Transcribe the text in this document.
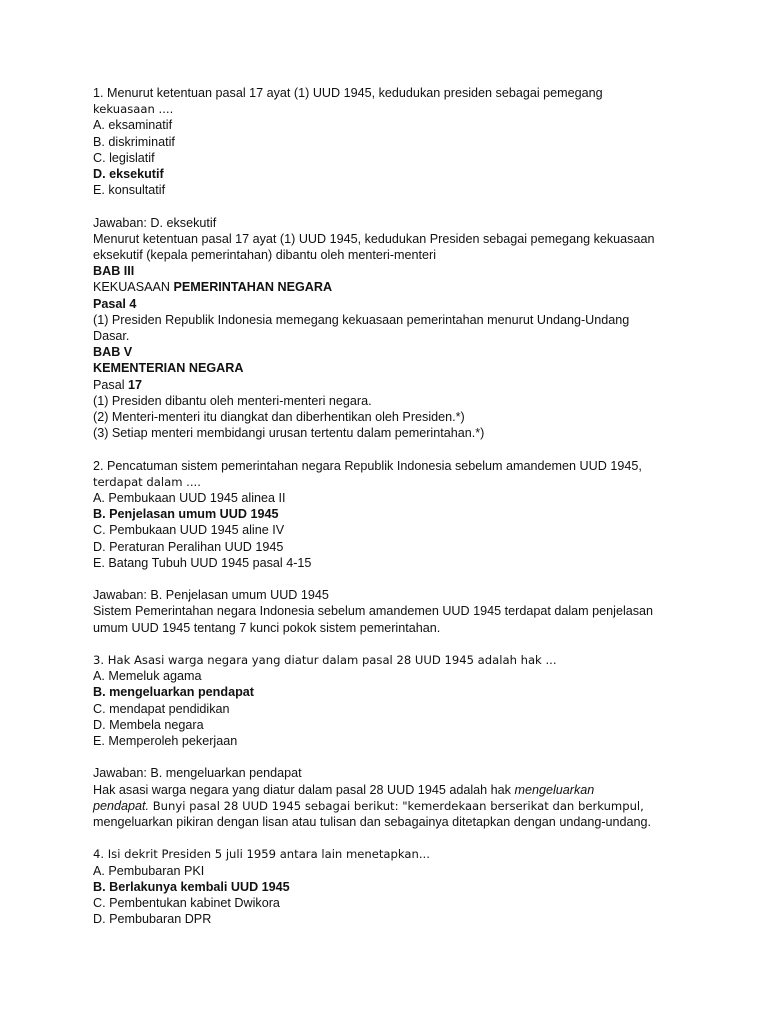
1. Menurut ketentuan pasal 17 ayat (1) UUD 1945, kedudukan presiden sebagai pemegang
kekuasaan ....
A. eksaminatif
B. diskriminatif
C. legislatif
D. eksekutif
E. konsultatif
Jawaban: D. eksekutif
Menurut ketentuan pasal 17 ayat (1) UUD 1945, kedudukan Presiden sebagai pemegang kekuasaan
eksekutif (kepala pemerintahan) dibantu oleh menteri-menteri
BAB III
KEKUASAAN PEMERINTAHAN NEGARA
Pasal 4
(1) Presiden Republik Indonesia memegang kekuasaan pemerintahan menurut Undang-Undang
Dasar.
BAB V
KEMENTERIAN NEGARA
Pasal 17
(1) Presiden dibantu oleh menteri-menteri negara.
(2) Menteri-menteri itu diangkat dan diberhentikan oleh Presiden.*)
(3) Setiap menteri membidangi urusan tertentu dalam pemerintahan.*)
2. Pencatuman sistem pemerintahan negara Republik Indonesia sebelum amandemen UUD 1945,
terdapat dalam ....
A. Pembukaan UUD 1945 alinea II
B. Penjelasan umum UUD 1945
C. Pembukaan UUD 1945 aline IV
D. Peraturan Peralihan UUD 1945
E. Batang Tubuh UUD 1945 pasal 4-15
Jawaban: B. Penjelasan umum UUD 1945
Sistem Pemerintahan negara Indonesia sebelum amandemen UUD 1945 terdapat dalam penjelasan
umum UUD 1945 tentang 7 kunci pokok sistem pemerintahan.
3. Hak Asasi warga negara yang diatur dalam pasal 28 UUD 1945 adalah hak ...
A. Memeluk agama
B. mengeluarkan pendapat
C. mendapat pendidikan
D. Membela negara
E. Memperoleh pekerjaan
Jawaban: B. mengeluarkan pendapat
Hak asasi warga negara yang diatur dalam pasal 28 UUD 1945 adalah hak mengeluarkan
pendapat. Bunyi pasal 28 UUD 1945 sebagai berikut: "kemerdekaan berserikat dan berkumpul,
mengeluarkan pikiran dengan lisan atau tulisan dan sebagainya ditetapkan dengan undang-undang.
4. Isi dekrit Presiden 5 juli 1959 antara lain menetapkan...
A. Pembubaran PKI
B. Berlakunya kembali UUD 1945
C. Pembentukan kabinet Dwikora
D. Pembubaran DPR
